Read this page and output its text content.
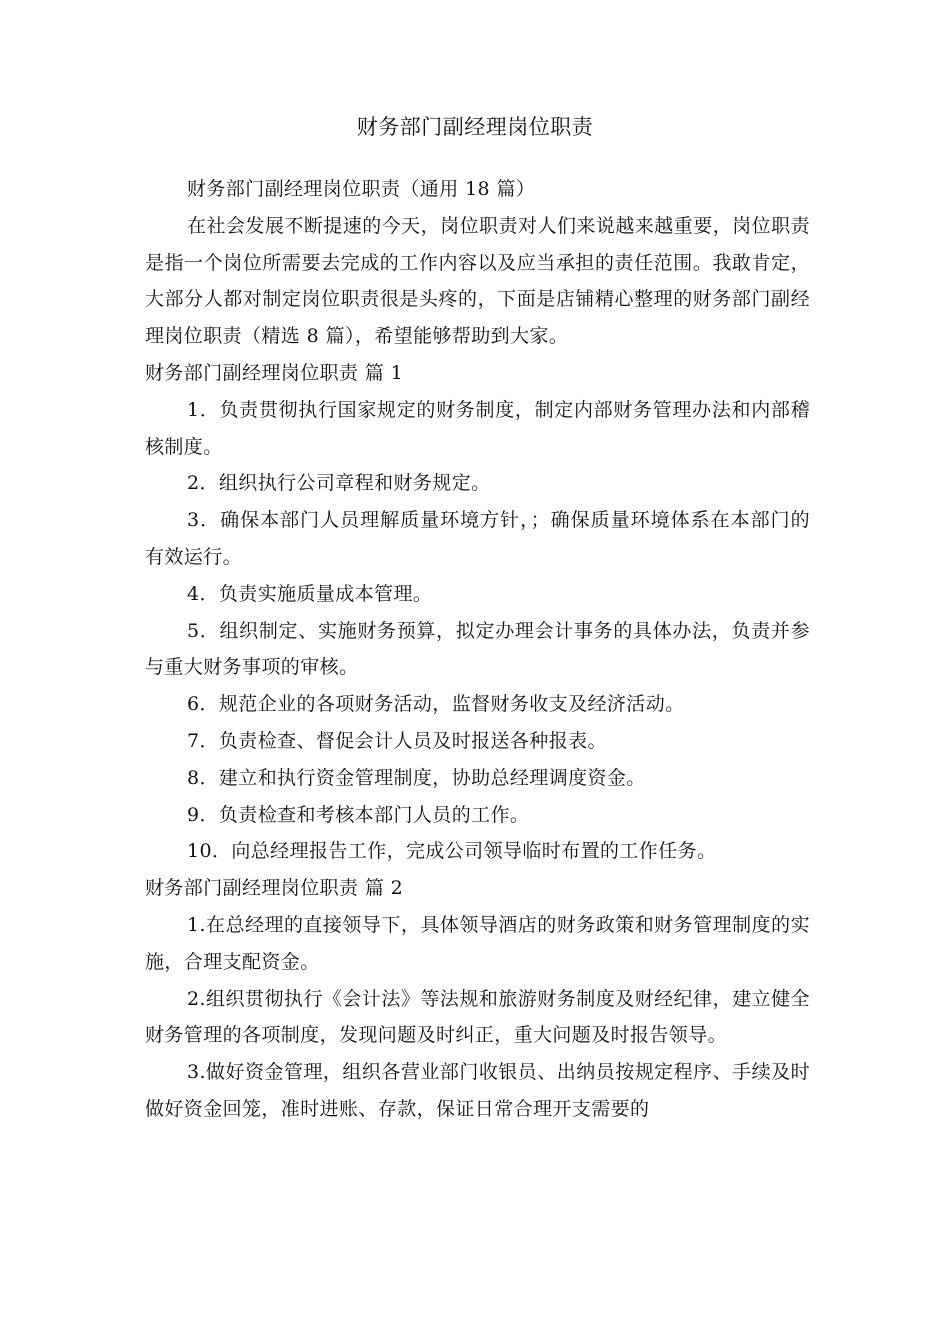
财务部门副经理岗位职责

财务部门副经理岗位职责（通用 18 篇）

在社会发展不断提速的今天，岗位职责对人们来说越来越重要，岗位职责是指一个岗位所需要去完成的工作内容以及应当承担的责任范围。我敢肯定，大部分人都对制定岗位职责很是头疼的，下面是店铺精心整理的财务部门副经理岗位职责（精选 8 篇），希望能够帮助到大家。

财务部门副经理岗位职责 篇 1

1．负责贯彻执行国家规定的财务制度，制定内部财务管理办法和内部稽核制度。

2．组织执行公司章程和财务规定。

3．确保本部门人员理解质量环境方针，；确保质量环境体系在本部门的有效运行。

4．负责实施质量成本管理。

5．组织制定、实施财务预算，拟定办理会计事务的具体办法，负责并参与重大财务事项的审核。

6．规范企业的各项财务活动，监督财务收支及经济活动。

7．负责检查、督促会计人员及时报送各种报表。

8．建立和执行资金管理制度，协助总经理调度资金。

9．负责检查和考核本部门人员的工作。

10．向总经理报告工作，完成公司领导临时布置的工作任务。

财务部门副经理岗位职责 篇 2

1.在总经理的直接领导下，具体领导酒店的财务政策和财务管理制度的实施，合理支配资金。

2.组织贯彻执行《会计法》等法规和旅游财务制度及财经纪律，建立健全财务管理的各项制度，发现问题及时纠正，重大问题及时报告领导。

3.做好资金管理，组织各营业部门收银员、出纳员按规定程序、手续及时做好资金回笼，准时进账、存款，保证日常合理开支需要的
